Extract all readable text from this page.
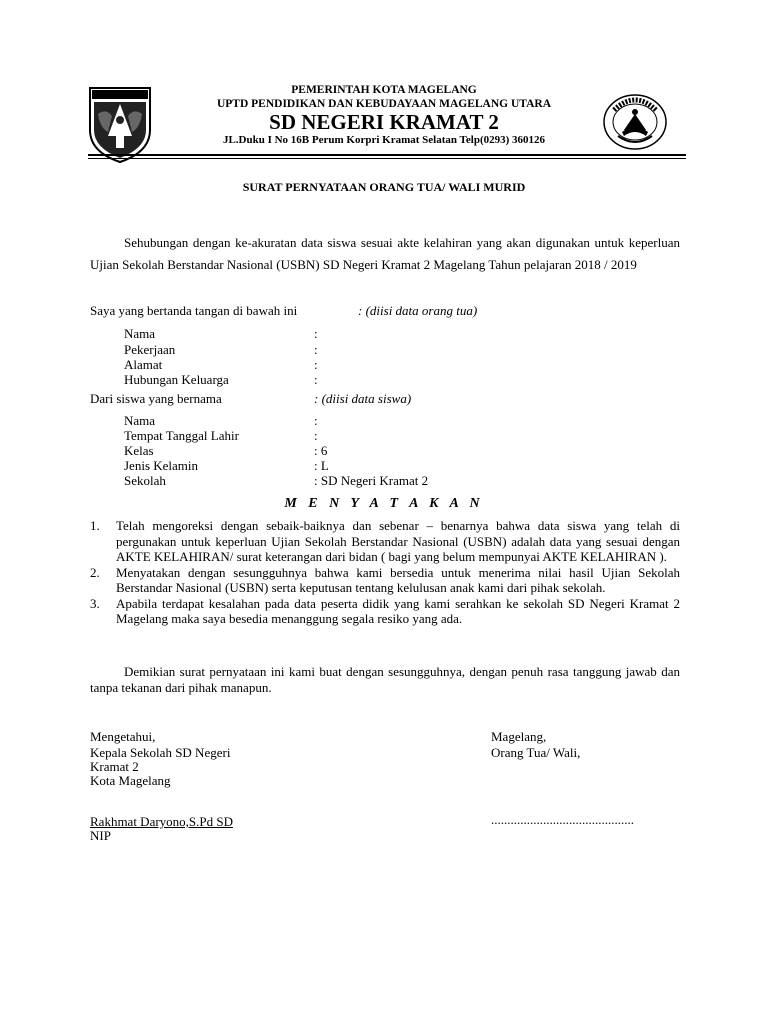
PEMERINTAH KOTA MAGELANG
UPTD PENDIDIKAN DAN KEBUDAYAAN MAGELANG UTARA
SD NEGERI KRAMAT 2
JL.Duku I No 16B Perum Korpri Kramat Selatan Telp(0293) 360126
SURAT PERNYATAAN ORANG TUA/ WALI MURID
Sehubungan dengan ke-akuratan data siswa sesuai akte kelahiran yang akan digunakan untuk keperluan Ujian Sekolah Berstandar Nasional (USBN) SD Negeri Kramat 2 Magelang Tahun pelajaran 2018 / 2019
Saya yang bertanda tangan di bawah ini	: (diisi data orang tua)
Nama	:
Pekerjaan	:
Alamat	:
Hubungan Keluarga	:
Dari siswa yang bernama	: (diisi data siswa)
Nama	:
Tempat Tanggal Lahir	:
Kelas	: 6
Jenis Kelamin	: L
Sekolah	: SD Negeri Kramat 2
M E N Y A T A K A N
1. Telah mengoreksi dengan sebaik-baiknya dan sebenar – benarnya bahwa data siswa yang telah di pergunakan untuk keperluan Ujian Sekolah Berstandar Nasional (USBN) adalah data yang sesuai dengan AKTE KELAHIRAN/ surat keterangan dari bidan ( bagi yang belum mempunyai AKTE KELAHIRAN ).
2. Menyatakan dengan sesungguhnya bahwa kami bersedia untuk menerima nilai hasil Ujian Sekolah Berstandar Nasional (USBN) serta keputusan tentang kelulusan anak kami dari pihak sekolah.
3. Apabila terdapat kesalahan pada data peserta didik yang kami serahkan ke sekolah SD Negeri Kramat 2 Magelang maka saya besedia menanggung segala resiko yang ada.
Demikian surat pernyataan ini kami buat dengan sesungguhnya, dengan penuh rasa tanggung jawab dan tanpa tekanan dari pihak manapun.
Mengetahui,
Kepala Sekolah SD Negeri
Kramat 2
Kota Magelang
Rakhmat Daryono,S.Pd SD
NIP
Magelang,
Orang Tua/ Wali,
............................................
